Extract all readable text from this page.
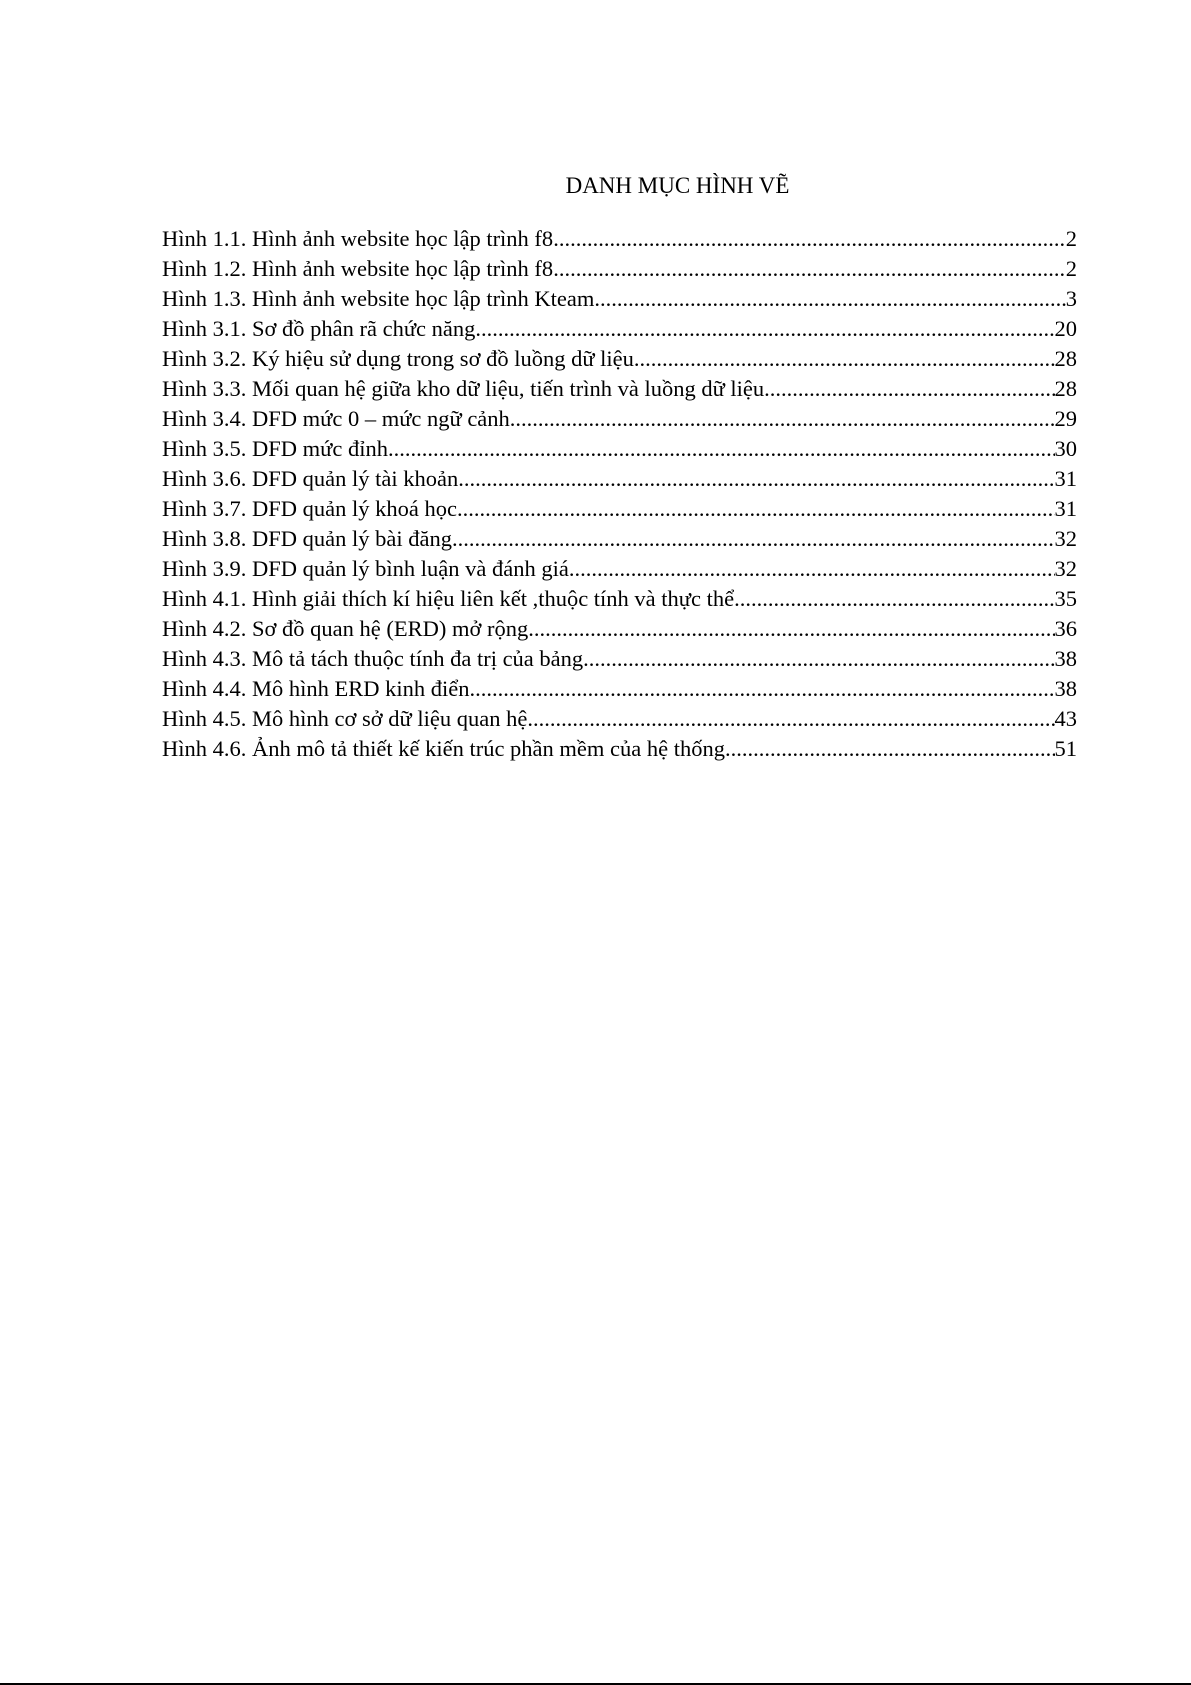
DANH MỤC HÌNH VẼ
Hình 1.1. Hình ảnh website học lập trình f8 .....	2
Hình 1.2. Hình ảnh website học lập trình f8 .....	2
Hình 1.3. Hình ảnh website học lập trình Kteam .....	3
Hình 3.1. Sơ đồ phân rã chức năng .....	20
Hình 3.2. Ký hiệu sử dụng trong sơ đồ luồng dữ liệu .....	28
Hình 3.3. Mối quan hệ giữa kho dữ liệu, tiến trình và luồng dữ liệu .....	28
Hình 3.4. DFD mức 0 – mức ngữ cảnh .....	29
Hình 3.5. DFD mức đỉnh .....	30
Hình 3.6. DFD quản lý tài khoản .....	31
Hình 3.7. DFD quản lý khoá học .....	31
Hình 3.8. DFD quản lý bài đăng .....	32
Hình 3.9. DFD quản lý bình luận và đánh giá .....	32
Hình 4.1. Hình giải thích kí hiệu liên kết ,thuộc tính và thực thể .....	35
Hình 4.2. Sơ đồ quan hệ (ERD) mở rộng .....	36
Hình 4.3. Mô tả tách thuộc tính đa trị của bảng .....	38
Hình 4.4. Mô hình ERD kinh điển .....	38
Hình 4.5. Mô hình cơ sở dữ liệu quan hệ .....	43
Hình 4.6. Ảnh mô tả thiết kế kiến trúc phần mềm của hệ thống .....	51
